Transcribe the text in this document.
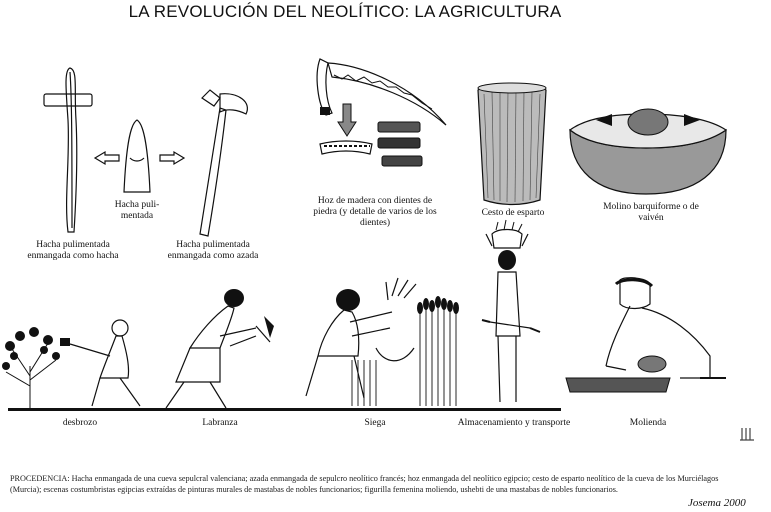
LA REVOLUCIÓN DEL NEOLÍTICO: LA AGRICULTURA
Hacha pulimentada enmangada como hacha
Hacha puli-mentada
Hacha pulimentada enmangada como azada
Hoz de madera con dientes de piedra (y detalle de varios de los dientes)
Cesto de esparto
Molino barquiforme o de vaivén
desbrozo	Labranza	Siega	Almacenamiento y transporte	Molienda
PROCEDENCIA: Hacha enmangada de una cueva sepulcral valenciana; azada enmangada de sepulcro neolítico francés; hoz enmangada del neolítico egipcio; cesto de esparto neolítico de la cueva de los Murciélagos (Murcia); escenas costumbristas egipcias extraídas de pinturas murales de mastabas de nobles funcionarios; figurilla femenina moliendo, ushebti de una mastabas de nobles funcionarios.
Josema 2000
